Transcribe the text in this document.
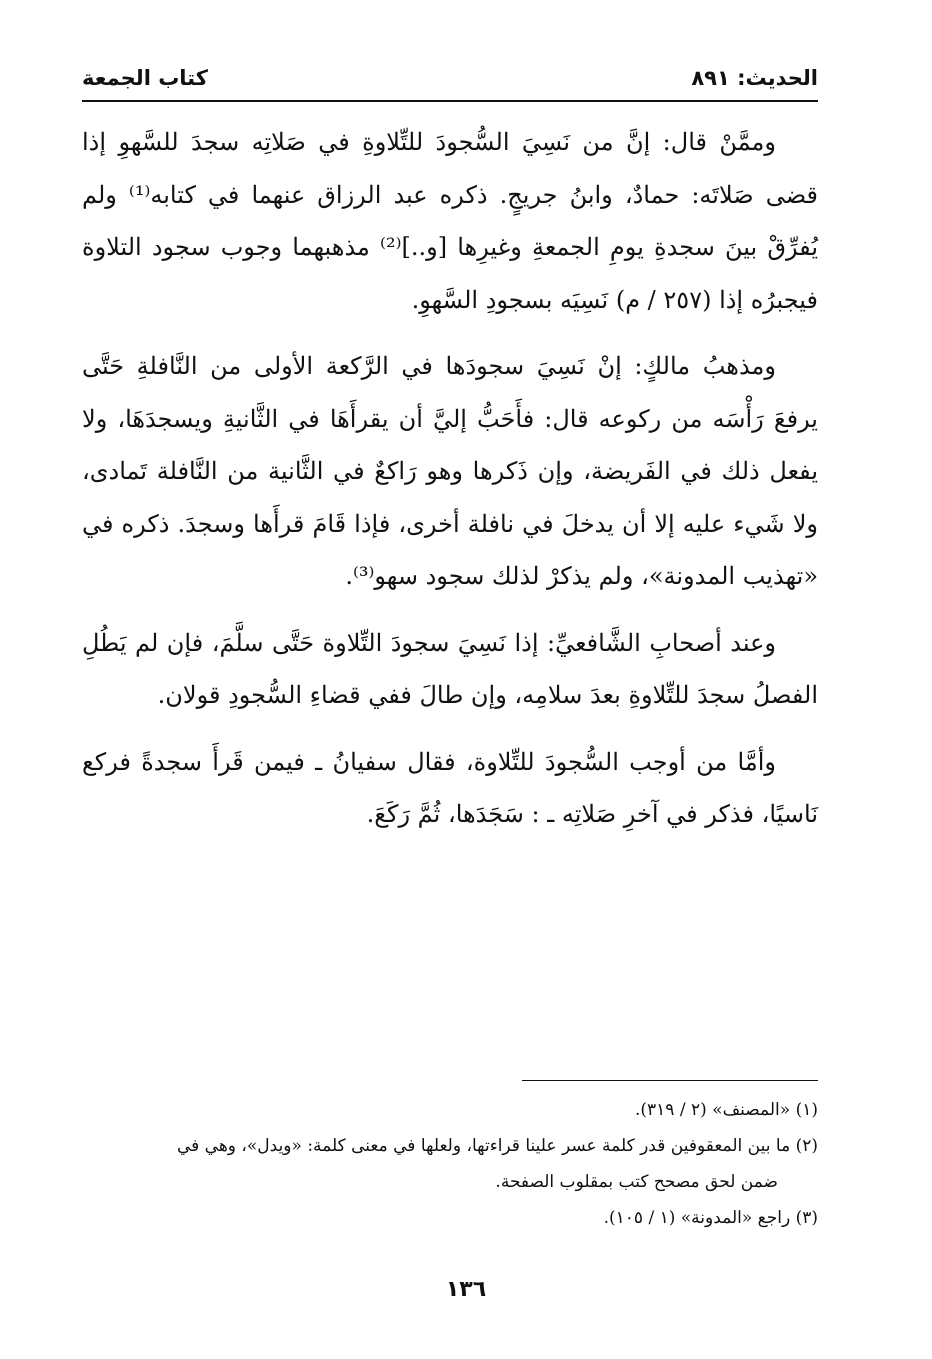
الحديث: ٨٩١
كتاب الجمعة

وممَّنْ قال: إنَّ من نَسِيَ السُّجودَ للتِّلاوةِ في صَلاتِه سجدَ للسَّهوِ إذا قضى صَلاتَه: حمادٌ، وابنُ جريجٍ. ذكره عبد الرزاق عنهما في كتابه⁽¹⁾ ولم يُفرِّقْ بينَ سجدةِ يومِ الجمعةِ وغيرِها [و..]⁽²⁾ مذهبهما وجوب سجود التلاوة فيجبرُه إذا (٢٥٧ / م) نَسِيَه بسجودِ السَّهوِ.

ومذهبُ مالكٍ: إنْ نَسِيَ سجودَها في الرَّكعة الأولى من النَّافلةِ حَتَّى يرفعَ رَأْسَه من ركوعه قال: فأَحَبُّ إليَّ أن يقرأَهَا في الثَّانيةِ ويسجدَهَا، ولا يفعل ذلك في الفَريضة، وإن ذَكرها وهو رَاكعٌ في الثَّانية من النَّافلة تَمادى، ولا شَيء عليه إلا أن يدخلَ في نافلة أخرى، فإذا قَامَ قرأَها وسجدَ. ذكره في «تهذيب المدونة»، ولم يذكرْ لذلك سجود سهو⁽³⁾.

وعند أصحابِ الشَّافعيِّ: إذا نَسِيَ سجودَ التِّلاوة حَتَّى سلَّمَ، فإن لم يَطُلِ الفصلُ سجدَ للتِّلاوةِ بعدَ سلامِه، وإن طالَ ففي قضاءِ السُّجودِ قولان.

وأمَّا من أوجب السُّجودَ للتِّلاوة، فقال سفيانُ ـ فيمن قَرأَ سجدةً فركع نَاسيًا، فذكر في آخرِ صَلاتِه ـ : سَجَدَها، ثُمَّ رَكَعَ.

(١) «المصنف» (٢ / ٣١٩).

(٢) ما بين المعقوفين قدر كلمة عسر علينا قراءتها، ولعلها في معنى كلمة: «ويدل»، وهي في

ضمن لحق مصحح كتب بمقلوب الصفحة.

(٣) راجع «المدونة» (١ / ١٠٥).

١٣٦
